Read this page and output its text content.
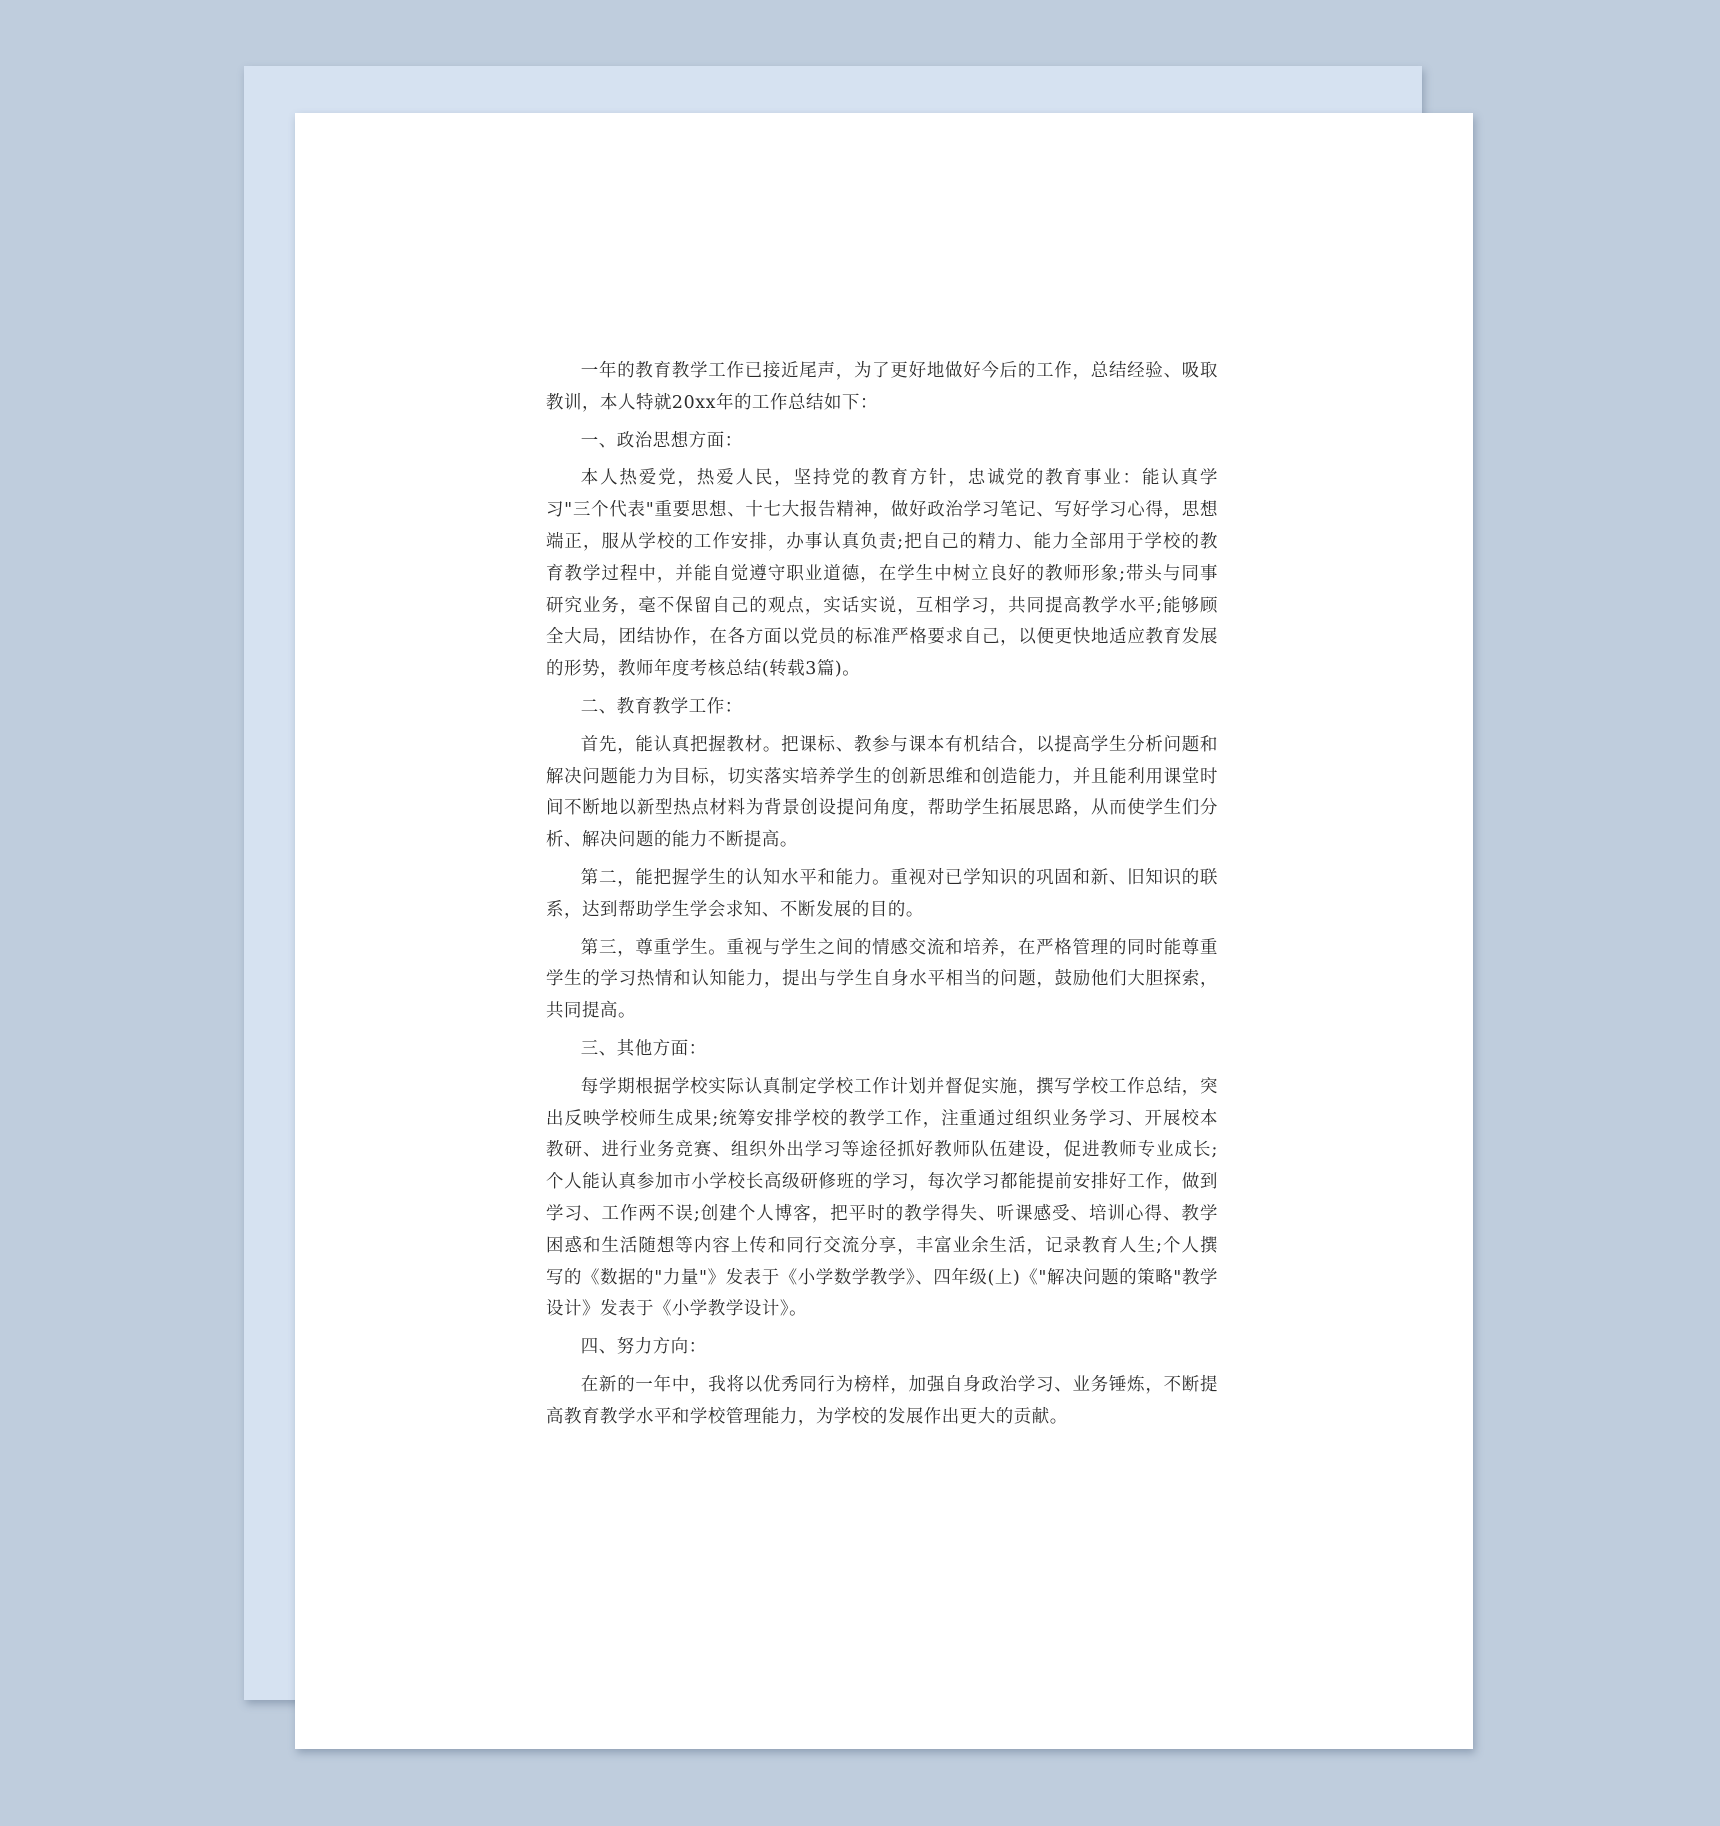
一年的教育教学工作已接近尾声，为了更好地做好今后的工作，总结经验、吸取教训，本人特就20xx年的工作总结如下：

一、政治思想方面：

本人热爱党，热爱人民，坚持党的教育方针，忠诚党的教育事业：能认真学习"三个代表"重要思想、十七大报告精神，做好政治学习笔记、写好学习心得，思想端正，服从学校的工作安排，办事认真负责;把自己的精力、能力全部用于学校的教育教学过程中，并能自觉遵守职业道德，在学生中树立良好的教师形象;带头与同事研究业务，毫不保留自己的观点，实话实说，互相学习，共同提高教学水平;能够顾全大局，团结协作，在各方面以党员的标准严格要求自己，以便更快地适应教育发展的形势，教师年度考核总结(转载3篇)。

二、教育教学工作：

首先，能认真把握教材。把课标、教参与课本有机结合，以提高学生分析问题和解决问题能力为目标，切实落实培养学生的创新思维和创造能力，并且能利用课堂时间不断地以新型热点材料为背景创设提问角度，帮助学生拓展思路，从而使学生们分析、解决问题的能力不断提高。

第二，能把握学生的认知水平和能力。重视对已学知识的巩固和新、旧知识的联系，达到帮助学生学会求知、不断发展的目的。

第三，尊重学生。重视与学生之间的情感交流和培养，在严格管理的同时能尊重学生的学习热情和认知能力，提出与学生自身水平相当的问题，鼓励他们大胆探索，共同提高。

三、其他方面：

每学期根据学校实际认真制定学校工作计划并督促实施，撰写学校工作总结，突出反映学校师生成果;统筹安排学校的教学工作，注重通过组织业务学习、开展校本教研、进行业务竞赛、组织外出学习等途径抓好教师队伍建设，促进教师专业成长;个人能认真参加市小学校长高级研修班的学习，每次学习都能提前安排好工作，做到学习、工作两不误;创建个人博客，把平时的教学得失、听课感受、培训心得、教学困惑和生活随想等内容上传和同行交流分享，丰富业余生活，记录教育人生;个人撰写的《数据的"力量"》发表于《小学数学教学》、四年级(上)《"解决问题的策略"教学设计》发表于《小学教学设计》。

四、努力方向：

在新的一年中，我将以优秀同行为榜样，加强自身政治学习、业务锤炼，不断提高教育教学水平和学校管理能力，为学校的发展作出更大的贡献。
